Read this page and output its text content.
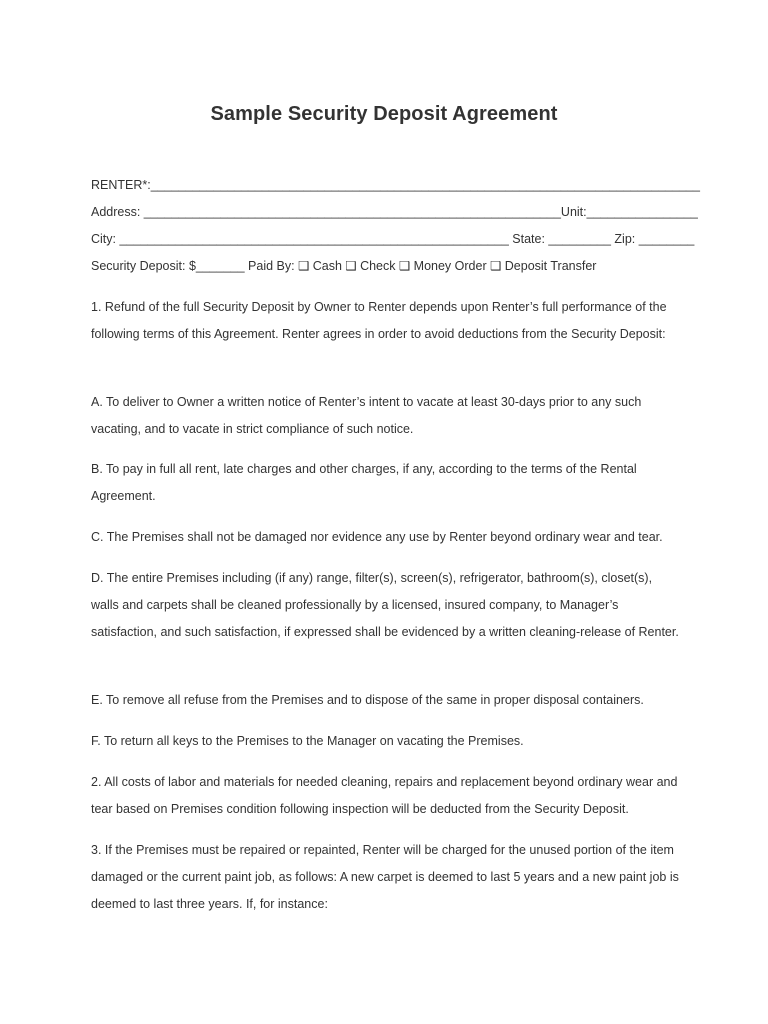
Sample Security Deposit Agreement
RENTER*:_______________________________________________________________________________
Address: ____________________________________________________________Unit:________________
City: ________________________________________________________ State: _________ Zip: ________
Security Deposit: $_______ Paid By: ❑ Cash ❑ Check ❑ Money Order ❑ Deposit Transfer

1. Refund of the full Security Deposit by Owner to Renter depends upon Renter’s full performance of the following terms of this Agreement. Renter agrees in order to avoid deductions from the Security Deposit:

A. To deliver to Owner a written notice of Renter’s intent to vacate at least 30-days prior to any such vacating, and to vacate in strict compliance of such notice.

B. To pay in full all rent, late charges and other charges, if any, according to the terms of the Rental Agreement.

C. The Premises shall not be damaged nor evidence any use by Renter beyond ordinary wear and tear.

D. The entire Premises including (if any) range, filter(s), screen(s), refrigerator, bathroom(s), closet(s), walls and carpets shall be cleaned professionally by a licensed, insured company, to Manager’s satisfaction, and such satisfaction, if expressed shall be evidenced by a written cleaning-release of Renter.

E. To remove all refuse from the Premises and to dispose of the same in proper disposal containers.

F. To return all keys to the Premises to the Manager on vacating the Premises.

2. All costs of labor and materials for needed cleaning, repairs and replacement beyond ordinary wear and tear based on Premises condition following inspection will be deducted from the Security Deposit.

3. If the Premises must be repaired or repainted, Renter will be charged for the unused portion of the item damaged or the current paint job, as follows: A new carpet is deemed to last 5 years and a new paint job is deemed to last three years. If, for instance:
